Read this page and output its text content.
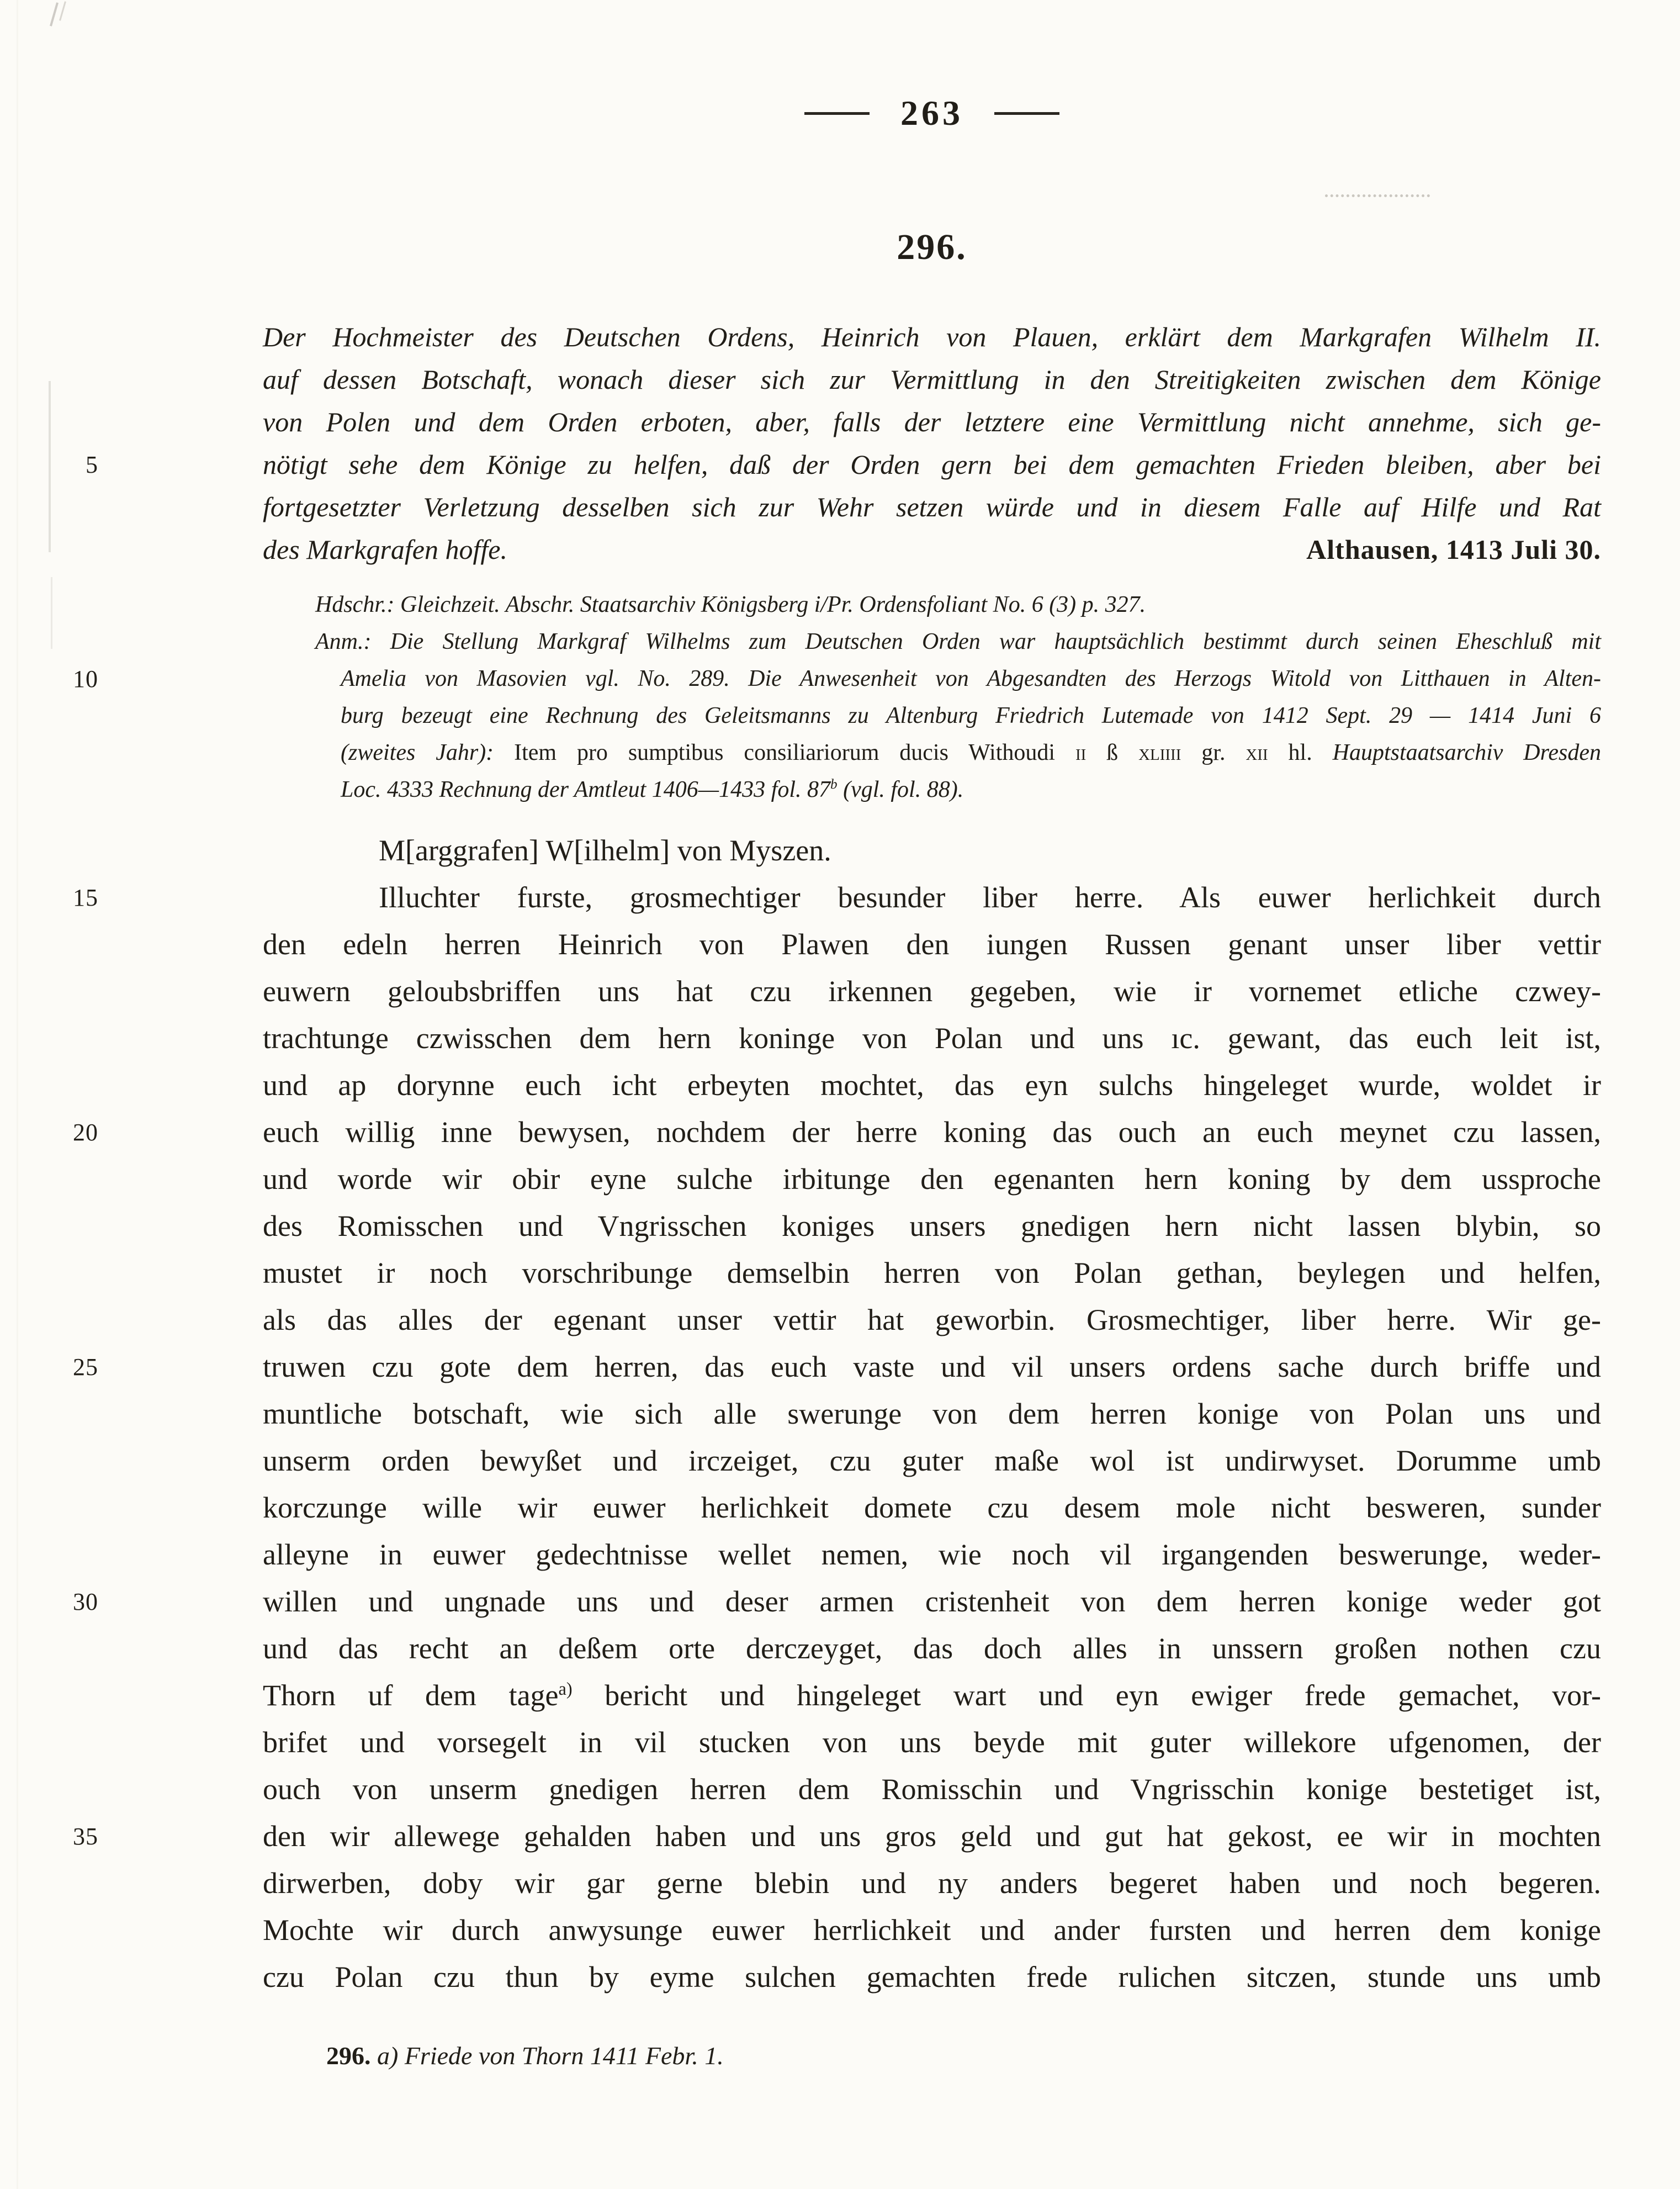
263
296.
Der Hochmeister des Deutschen Ordens, Heinrich von Plauen, erklärt dem Markgrafen Wilhelm II.
auf dessen Botschaft, wonach dieser sich zur Vermittlung in den Streitigkeiten zwischen dem Könige
von Polen und dem Orden erboten, aber, falls der letztere eine Vermittlung nicht annehme, sich ge-
5	nötigt sehe dem Könige zu helfen, daß der Orden gern bei dem gemachten Frieden bleiben, aber bei
fortgesetzter Verletzung desselben sich zur Wehr setzen würde und in diesem Falle auf Hilfe und Rat
des Markgrafen hoffe.	Althausen, 1413 Juli 30.
Hdschr.: Gleichzeit. Abschr. Staatsarchiv Königsberg i/Pr. Ordensfoliant No. 6 (3) p. 327.
Anm.: Die Stellung Markgraf Wilhelms zum Deutschen Orden war hauptsächlich bestimmt durch seinen Eheschluß mit
10	Amelia von Masovien vgl. No. 289. Die Anwesenheit von Abgesandten des Herzogs Witold von Litthauen in Alten-
burg bezeugt eine Rechnung des Geleitsmanns zu Altenburg Friedrich Lutemade von 1412 Sept. 29 — 1414 Juni 6
(zweites Jahr): Item pro sumptibus consiliariorum ducis Withoudi ii ß xliiii gr. xii hl. Hauptstaatsarchiv Dresden
Loc. 4333 Rechnung der Amtleut 1406—1433 fol. 87$^b$ (vgl. fol. 88).
M[arggrafen] W[ilhelm] von Myszen.
15	Illuchter furste, grosmechtiger besunder liber herre. Als euwer herlichkeit durch
den edeln herren Heinrich von Plawen den iungen Russen genant unser liber vettir
euwern geloubsbriffen uns hat czu irkennen gegeben, wie ir vornemet etliche czwey-
trachtunge czwisschen dem hern koninge von Polan und uns ıc. gewant, das euch leit ist,
und ap dorynne euch icht erbeyten mochtet, das eyn sulchs hingeleget wurde, woldet ir
20	euch willig inne bewysen, nochdem der herre koning das ouch an euch meynet czu lassen,
und worde wir obir eyne sulche irbitunge den egenanten hern koning by dem ussproche
des Romisschen und Vngrisschen koniges unsers gnedigen hern nicht lassen blybin, so
mustet ir noch vorschribunge demselbin herren von Polan gethan, beylegen und helfen,
als das alles der egenant unser vettir hat geworbin. Grosmechtiger, liber herre. Wir ge-
25	truwen czu gote dem herren, das euch vaste und vil unsers ordens sache durch briffe und
muntliche botschaft, wie sich alle swerunge von dem herren konige von Polan uns und
unserm orden bewyßet und irczeiget, czu guter maße wol ist undirwyset. Dorumme umb
korczunge wille wir euwer herlichkeit domete czu desem mole nicht besweren, sunder
alleyne in euwer gedechtnisse wellet nemen, wie noch vil irgangenden beswerunge, weder-
30	willen und ungnade uns und deser armen cristenheit von dem herren konige weder got
und das recht an deßem orte derczeyget, das doch alles in unssern großen nothen czu
Thorn uf dem tage$^{a)}$ bericht und hingeleget wart und eyn ewiger frede gemachet, vor-
brifet und vorsegelt in vil stucken von uns beyde mit guter willekore ufgenomen, der
ouch von unserm gnedigen herren dem Romisschin und Vngrisschin konige bestetiget ist,
35	den wir allewege gehalden haben und uns gros geld und gut hat gekost, ee wir in mochten
dirwerben, doby wir gar gerne blebin und ny anders begeret haben und noch begeren.
Mochte wir durch anwysunge euwer herrlichkeit und ander fursten und herren dem konige
czu Polan czu thun by eyme sulchen gemachten frede rulichen sitczen, stunde uns umb
296. a) Friede von Thorn 1411 Febr. 1.
